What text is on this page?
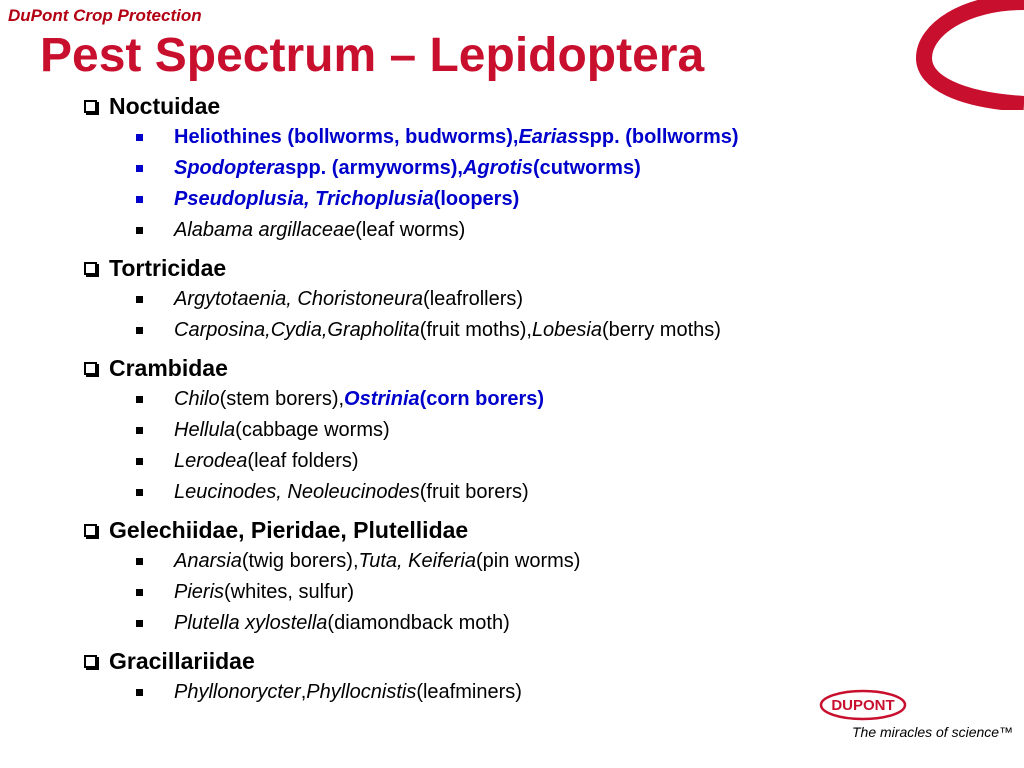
DuPont Crop Protection
Pest Spectrum – Lepidoptera
Noctuidae
Heliothines (bollworms, budworms), Earias spp. (bollworms)
Spodoptera spp. (armyworms), Agrotis (cutworms)
Pseudoplusia, Trichoplusia (loopers)
Alabama argillaceae (leaf worms)
Tortricidae
Argytotaenia, Choristoneura (leafrollers)
Carposina,Cydia,Grapholita (fruit moths), Lobesia (berry moths)
Crambidae
Chilo (stem borers), Ostrinia (corn borers)
Hellula (cabbage worms)
Lerodea (leaf folders)
Leucinodes, Neoleucinodes (fruit borers)
Gelechiidae, Pieridae, Plutellidae
Anarsia (twig borers), Tuta, Keiferia (pin worms)
Pieris (whites, sulfur)
Plutella xylostella (diamondback moth)
Gracillariidae
Phyllonorycter , Phyllocnistis (leafminers)
DUPONT
The miracles of science™
